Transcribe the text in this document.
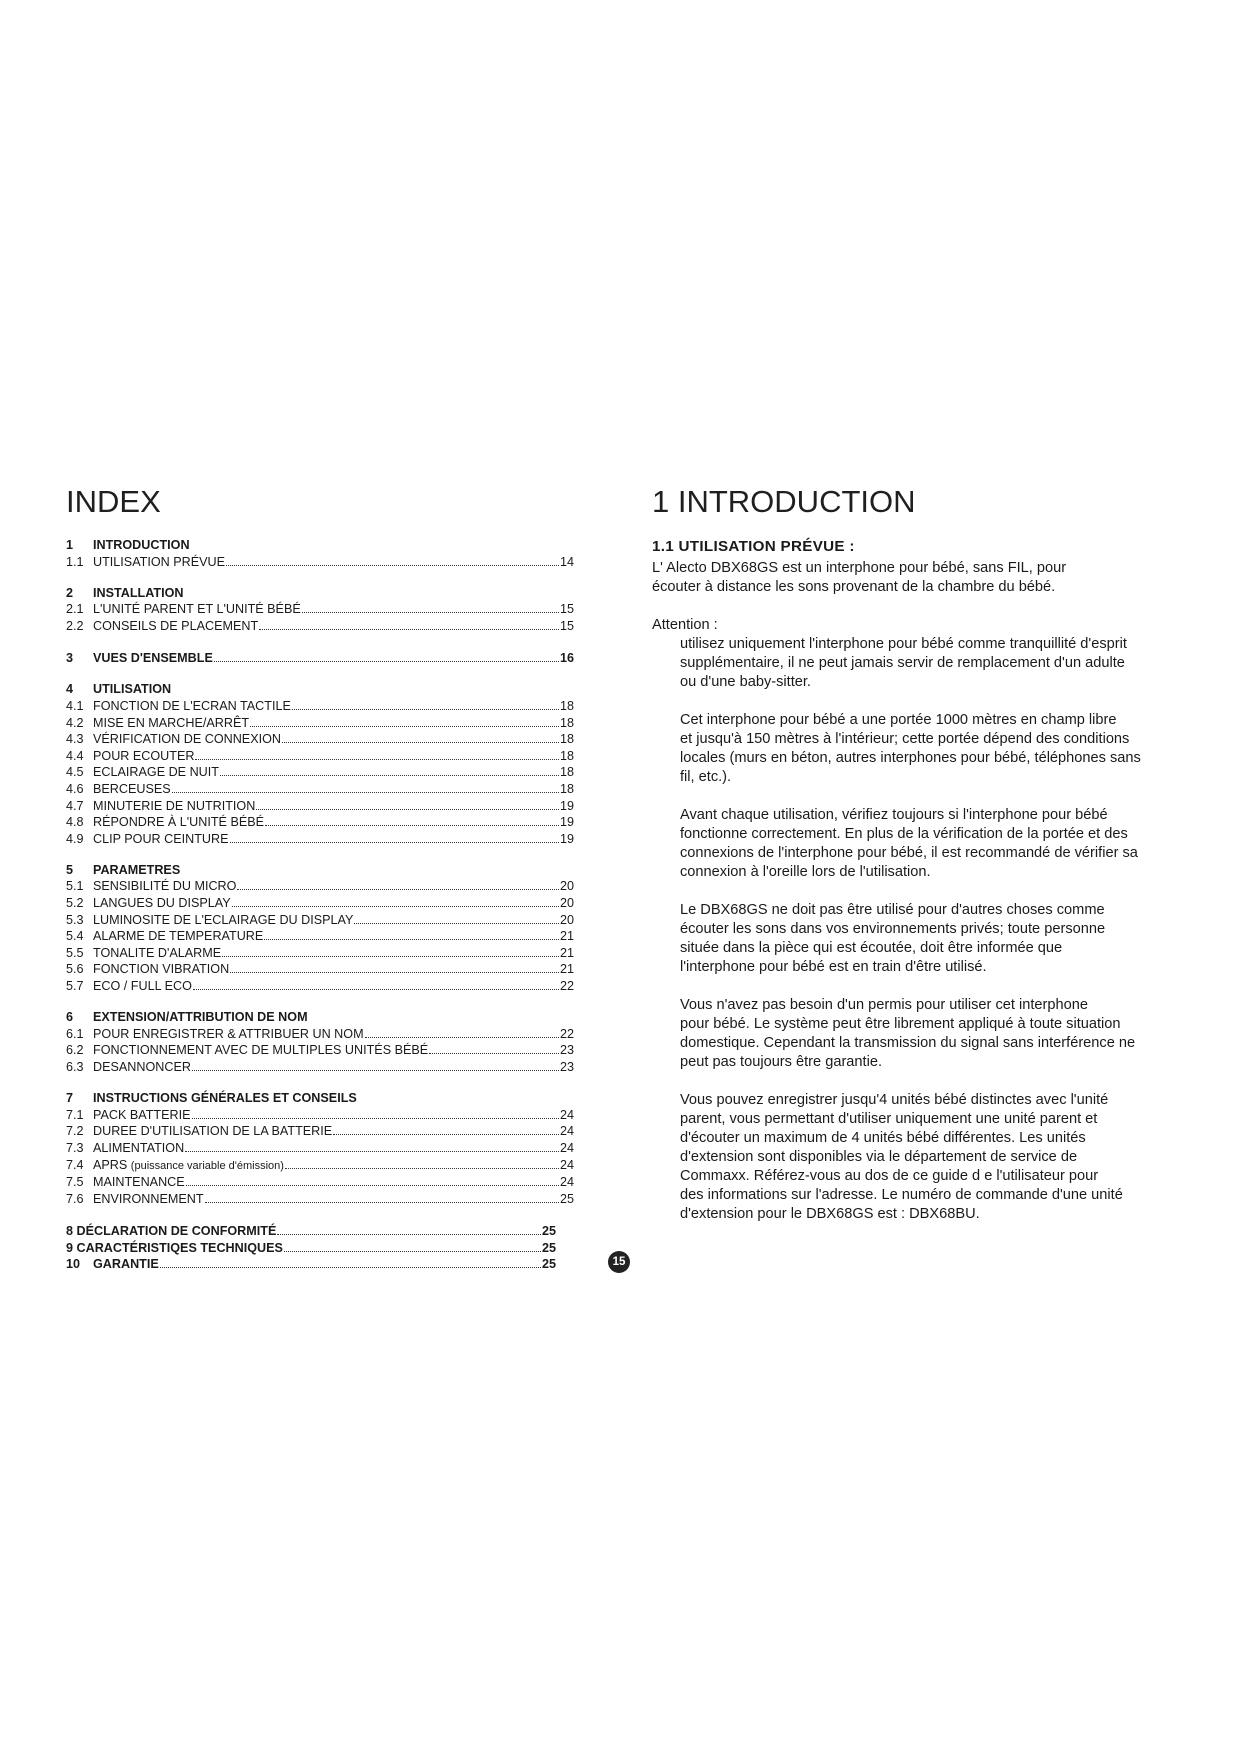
INDEX
1	INTRODUCTION
1.1 UTILISATION PRÉVUE	14
2	INSTALLATION
2.1 L'UNITÉ PARENT ET L'UNITÉ BÉBÉ	15
2.2 CONSEILS DE PLACEMENT	15
3	VUES D'ENSEMBLE	16
4	UTILISATION
4.1 FONCTION DE L'ECRAN TACTILE	18
4.2 MISE EN MARCHE/ARRÊT	18
4.3 VÉRIFICATION DE CONNEXION	18
4.4 POUR ECOUTER	18
4.5 ECLAIRAGE DE NUIT	18
4.6 BERCEUSES	18
4.7 MINUTERIE DE NUTRITION	19
4.8 RÉPONDRE À L'UNITÉ BÉBÉ	19
4.9 CLIP POUR CEINTURE	19
5	PARAMETRES
5.1 SENSIBILITÉ DU MICRO	20
5.2 LANGUES DU DISPLAY	20
5.3 LUMINOSITE DE L'ECLAIRAGE DU DISPLAY	20
5.4 ALARME DE TEMPERATURE	21
5.5 TONALITE D'ALARME	21
5.6 FONCTION VIBRATION	21
5.7 ECO / FULL ECO	22
6	EXTENSION/ATTRIBUTION DE NOM
6.1 POUR ENREGISTRER & ATTRIBUER UN NOM	22
6.2 FONCTIONNEMENT AVEC DE MULTIPLES UNITÉS BÉBÉ	23
6.3 DESANNONCER	23
7	INSTRUCTIONS GÉNÉRALES ET CONSEILS
7.1 PACK BATTERIE	24
7.2 DUREE D'UTILISATION DE LA BATTERIE	24
7.3 ALIMENTATION	24
7.4 APRS (puissance variable d'émission)	24
7.5 MAINTENANCE	24
7.6 ENVIRONNEMENT	25
8 DÉCLARATION DE CONFORMITÉ	25
9 CARACTÉRISTIQES TECHNIQUES	25
10	GARANTIE	25
1 INTRODUCTION
1.1 UTILISATION PRÉVUE :

L' Alecto DBX68GS est un interphone pour bébé, sans FIL, pour

écouter à distance les sons provenant de la chambre du bébé.

Attention :

utilisez uniquement l'interphone pour bébé comme tranquillité d'esprit

supplémentaire, il ne peut jamais servir de remplacement d'un adulte

ou d'une baby-sitter.

Cet interphone pour bébé a une portée 1000 mètres en champ libre

et jusqu'à 150 mètres à l'intérieur; cette portée dépend des conditions

locales (murs en béton, autres interphones pour bébé, téléphones sans

fil, etc.).

Avant chaque utilisation, vérifiez toujours si l'interphone pour bébé

fonctionne correctement. En plus de la vérification de la portée et des

connexions de l'interphone pour bébé, il est recommandé de vérifier sa

connexion à l'oreille lors de l'utilisation.

Le DBX68GS ne doit pas être utilisé pour d'autres choses comme

écouter les sons dans vos environnements privés; toute personne

située dans la pièce qui est écoutée, doit être informée que

l'interphone pour bébé est en train d'être utilisé.

Vous n'avez pas besoin d'un permis pour utiliser cet interphone

pour bébé. Le système peut être librement appliqué à toute situation

domestique. Cependant la transmission du signal sans interférence ne

peut pas toujours être garantie.

Vous pouvez enregistrer jusqu'4 unités bébé distinctes avec l'unité

parent, vous permettant d'utiliser uniquement une unité parent et

d'écouter un maximum de 4 unités bébé différentes. Les unités

d'extension sont disponibles via le département de service de

Commaxx. Référez-vous au dos de ce guide d e l'utilisateur pour

des informations sur l'adresse. Le numéro de commande d'une unité

d'extension pour le DBX68GS est : DBX68BU.

15
